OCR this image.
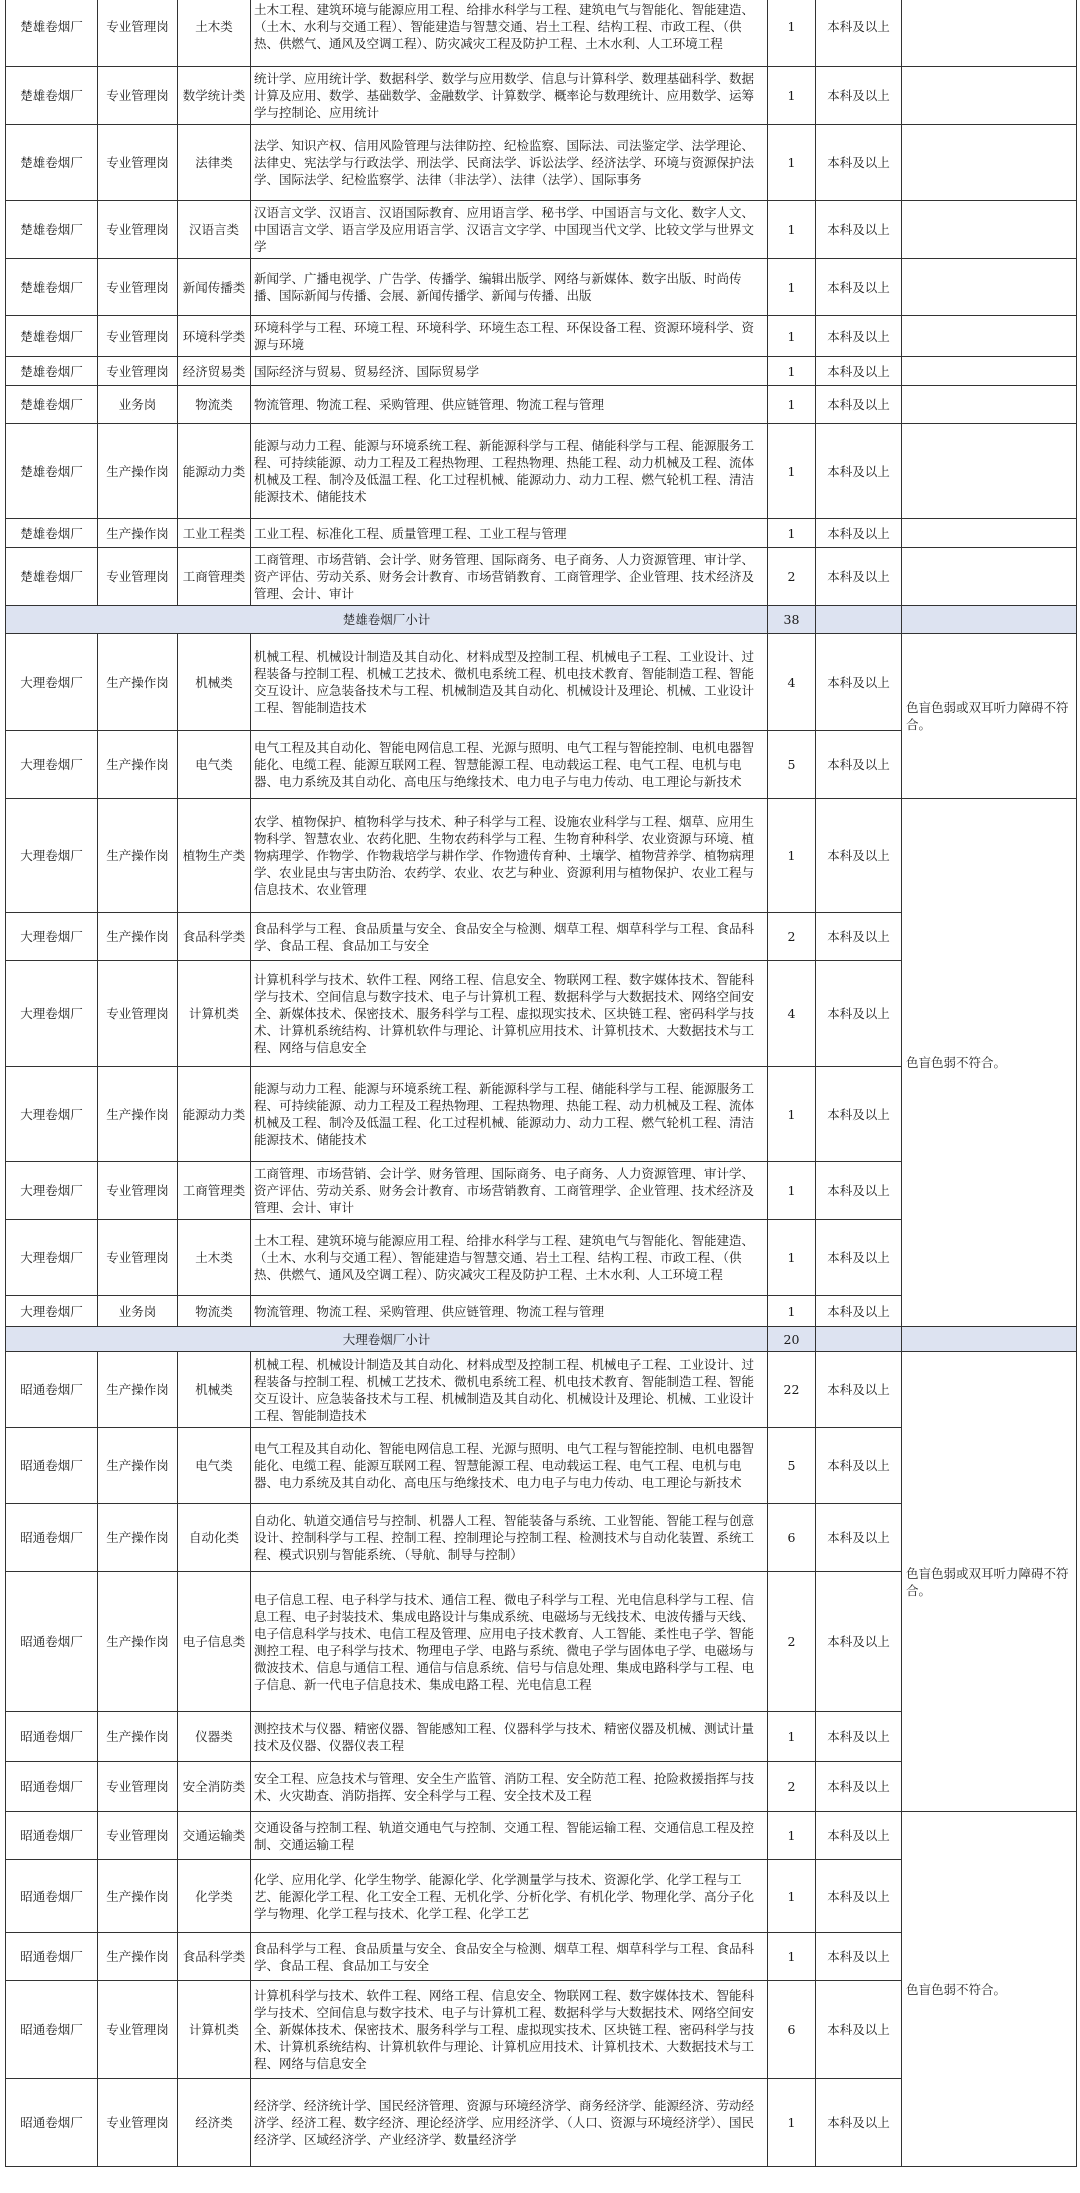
楚雄卷烟厂	专业管理岗	土木类	土木工程、建筑环境与能源应用工程、给排水科学与工程、建筑电气与智能化、智能建造、（土木、水利与交通工程）、智能建造与智慧交通、岩土工程、结构工程、市政工程、（供热、供燃气、通风及空调工程）、防灾减灾工程及防护工程、土木水利、人工环境工程	1	本科及以上	
楚雄卷烟厂	专业管理岗	数学统计类	统计学、应用统计学、数据科学、数学与应用数学、信息与计算科学、数理基础科学、数据计算及应用、数学、基础数学、金融数学、计算数学、概率论与数理统计、应用数学、运筹学与控制论、应用统计	1	本科及以上	
楚雄卷烟厂	专业管理岗	法律类	法学、知识产权、信用风险管理与法律防控、纪检监察、国际法、司法鉴定学、法学理论、法律史、宪法学与行政法学、刑法学、民商法学、诉讼法学、经济法学、环境与资源保护法学、国际法学、纪检监察学、法律（非法学）、法律（法学）、国际事务	1	本科及以上	
楚雄卷烟厂	专业管理岗	汉语言类	汉语言文学、汉语言、汉语国际教育、应用语言学、秘书学、中国语言与文化、数字人文、中国语言文学、语言学及应用语言学、汉语言文字学、中国现当代文学、比较文学与世界文学	1	本科及以上	
楚雄卷烟厂	专业管理岗	新闻传播类	新闻学、广播电视学、广告学、传播学、编辑出版学、网络与新媒体、数字出版、时尚传播、国际新闻与传播、会展、新闻传播学、新闻与传播、出版	1	本科及以上	
楚雄卷烟厂	专业管理岗	环境科学类	环境科学与工程、环境工程、环境科学、环境生态工程、环保设备工程、资源环境科学、资源与环境	1	本科及以上	
楚雄卷烟厂	专业管理岗	经济贸易类	国际经济与贸易、贸易经济、国际贸易学	1	本科及以上	
楚雄卷烟厂	业务岗	物流类	物流管理、物流工程、采购管理、供应链管理、物流工程与管理	1	本科及以上	
楚雄卷烟厂	生产操作岗	能源动力类	能源与动力工程、能源与环境系统工程、新能源科学与工程、储能科学与工程、能源服务工程、可持续能源、动力工程及工程热物理、工程热物理、热能工程、动力机械及工程、流体机械及工程、制冷及低温工程、化工过程机械、能源动力、动力工程、燃气轮机工程、清洁能源技术、储能技术	1	本科及以上	
楚雄卷烟厂	生产操作岗	工业工程类	工业工程、标准化工程、质量管理工程、工业工程与管理	1	本科及以上	
楚雄卷烟厂	专业管理岗	工商管理类	工商管理、市场营销、会计学、财务管理、国际商务、电子商务、人力资源管理、审计学、资产评估、劳动关系、财务会计教育、市场营销教育、工商管理学、企业管理、技术经济及管理、会计、审计	2	本科及以上	
楚雄卷烟厂小计				38		
大理卷烟厂	生产操作岗	机械类	机械工程、机械设计制造及其自动化、材料成型及控制工程、机械电子工程、工业设计、过程装备与控制工程、机械工艺技术、微机电系统工程、机电技术教育、智能制造工程、智能交互设计、应急装备技术与工程、机械制造及其自动化、机械设计及理论、机械、工业设计工程、智能制造技术	4	本科及以上	色盲色弱或双耳听力障碍不符合。
大理卷烟厂	生产操作岗	电气类	电气工程及其自动化、智能电网信息工程、光源与照明、电气工程与智能控制、电机电器智能化、电缆工程、能源互联网工程、智慧能源工程、电动载运工程、电气工程、电机与电器、电力系统及其自动化、高电压与绝缘技术、电力电子与电力传动、电工理论与新技术	5	本科及以上	
大理卷烟厂	生产操作岗	植物生产类	农学、植物保护、植物科学与技术、种子科学与工程、设施农业科学与工程、烟草、应用生物科学、智慧农业、农药化肥、生物农药科学与工程、生物育种科学、农业资源与环境、植物病理学、作物学、作物栽培学与耕作学、作物遗传育种、土壤学、植物营养学、植物病理学、农业昆虫与害虫防治、农药学、农业、农艺与种业、资源利用与植物保护、农业工程与信息技术、农业管理	1	本科及以上	色盲色弱不符合。
大理卷烟厂	生产操作岗	食品科学类	食品科学与工程、食品质量与安全、食品安全与检测、烟草工程、烟草科学与工程、食品科学、食品工程、食品加工与安全	2	本科及以上	
大理卷烟厂	专业管理岗	计算机类	计算机科学与技术、软件工程、网络工程、信息安全、物联网工程、数字媒体技术、智能科学与技术、空间信息与数字技术、电子与计算机工程、数据科学与大数据技术、网络空间安全、新媒体技术、保密技术、服务科学与工程、虚拟现实技术、区块链工程、密码科学与技术、计算机系统结构、计算机软件与理论、计算机应用技术、计算机技术、大数据技术与工程、网络与信息安全	4	本科及以上	
大理卷烟厂	生产操作岗	能源动力类	能源与动力工程、能源与环境系统工程、新能源科学与工程、储能科学与工程、能源服务工程、可持续能源、动力工程及工程热物理、工程热物理、热能工程、动力机械及工程、流体机械及工程、制冷及低温工程、化工过程机械、能源动力、动力工程、燃气轮机工程、清洁能源技术、储能技术	1	本科及以上	
大理卷烟厂	专业管理岗	工商管理类	工商管理、市场营销、会计学、财务管理、国际商务、电子商务、人力资源管理、审计学、资产评估、劳动关系、财务会计教育、市场营销教育、工商管理学、企业管理、技术经济及管理、会计、审计	1	本科及以上	
大理卷烟厂	专业管理岗	土木类	土木工程、建筑环境与能源应用工程、给排水科学与工程、建筑电气与智能化、智能建造、（土木、水利与交通工程）、智能建造与智慧交通、岩土工程、结构工程、市政工程、（供热、供燃气、通风及空调工程）、防灾减灾工程及防护工程、土木水利、人工环境工程	1	本科及以上	
大理卷烟厂	业务岗	物流类	物流管理、物流工程、采购管理、供应链管理、物流工程与管理	1	本科及以上	
大理卷烟厂小计				20		
昭通卷烟厂	生产操作岗	机械类	机械工程、机械设计制造及其自动化、材料成型及控制工程、机械电子工程、工业设计、过程装备与控制工程、机械工艺技术、微机电系统工程、机电技术教育、智能制造工程、智能交互设计、应急装备技术与工程、机械制造及其自动化、机械设计及理论、机械、工业设计工程、智能制造技术	22	本科及以上	色盲色弱或双耳听力障碍不符合。
昭通卷烟厂	生产操作岗	电气类	电气工程及其自动化、智能电网信息工程、光源与照明、电气工程与智能控制、电机电器智能化、电缆工程、能源互联网工程、智慧能源工程、电动载运工程、电气工程、电机与电器、电力系统及其自动化、高电压与绝缘技术、电力电子与电力传动、电工理论与新技术	5	本科及以上	
昭通卷烟厂	生产操作岗	自动化类	自动化、轨道交通信号与控制、机器人工程、智能装备与系统、工业智能、智能工程与创意设计、控制科学与工程、控制工程、控制理论与控制工程、检测技术与自动化装置、系统工程、模式识别与智能系统、（导航、制导与控制）	6	本科及以上	
昭通卷烟厂	生产操作岗	电子信息类	电子信息工程、电子科学与技术、通信工程、微电子科学与工程、光电信息科学与工程、信息工程、电子封装技术、集成电路设计与集成系统、电磁场与无线技术、电波传播与天线、电子信息科学与技术、电信工程及管理、应用电子技术教育、人工智能、柔性电子学、智能测控工程、电子科学与技术、物理电子学、电路与系统、微电子学与固体电子学、电磁场与微波技术、信息与通信工程、通信与信息系统、信号与信息处理、集成电路科学与工程、电子信息、新一代电子信息技术、集成电路工程、光电信息工程	2	本科及以上	
昭通卷烟厂	生产操作岗	仪器类	测控技术与仪器、精密仪器、智能感知工程、仪器科学与技术、精密仪器及机械、测试计量技术及仪器、仪器仪表工程	1	本科及以上	
昭通卷烟厂	专业管理岗	安全消防类	安全工程、应急技术与管理、安全生产监管、消防工程、安全防范工程、抢险救援指挥与技术、火灾勘查、消防指挥、安全科学与工程、安全技术及工程	2	本科及以上	
昭通卷烟厂	专业管理岗	交通运输类	交通设备与控制工程、轨道交通电气与控制、交通工程、智能运输工程、交通信息工程及控制、交通运输工程	1	本科及以上	色盲色弱不符合。
昭通卷烟厂	生产操作岗	化学类	化学、应用化学、化学生物学、能源化学、化学测量学与技术、资源化学、化学工程与工艺、能源化学工程、化工安全工程、无机化学、分析化学、有机化学、物理化学、高分子化学与物理、化学工程与技术、化学工程、化学工艺	1	本科及以上	
昭通卷烟厂	生产操作岗	食品科学类	食品科学与工程、食品质量与安全、食品安全与检测、烟草工程、烟草科学与工程、食品科学、食品工程、食品加工与安全	1	本科及以上	
昭通卷烟厂	专业管理岗	计算机类	计算机科学与技术、软件工程、网络工程、信息安全、物联网工程、数字媒体技术、智能科学与技术、空间信息与数字技术、电子与计算机工程、数据科学与大数据技术、网络空间安全、新媒体技术、保密技术、服务科学与工程、虚拟现实技术、区块链工程、密码科学与技术、计算机系统结构、计算机软件与理论、计算机应用技术、计算机技术、大数据技术与工程、网络与信息安全	6	本科及以上	
昭通卷烟厂	专业管理岗	经济类	经济学、经济统计学、国民经济管理、资源与环境经济学、商务经济学、能源经济、劳动经济学、经济工程、数字经济、理论经济学、应用经济学、（人口、资源与环境经济学）、国民经济学、区域经济学、产业经济学、数量经济学	1	本科及以上	
